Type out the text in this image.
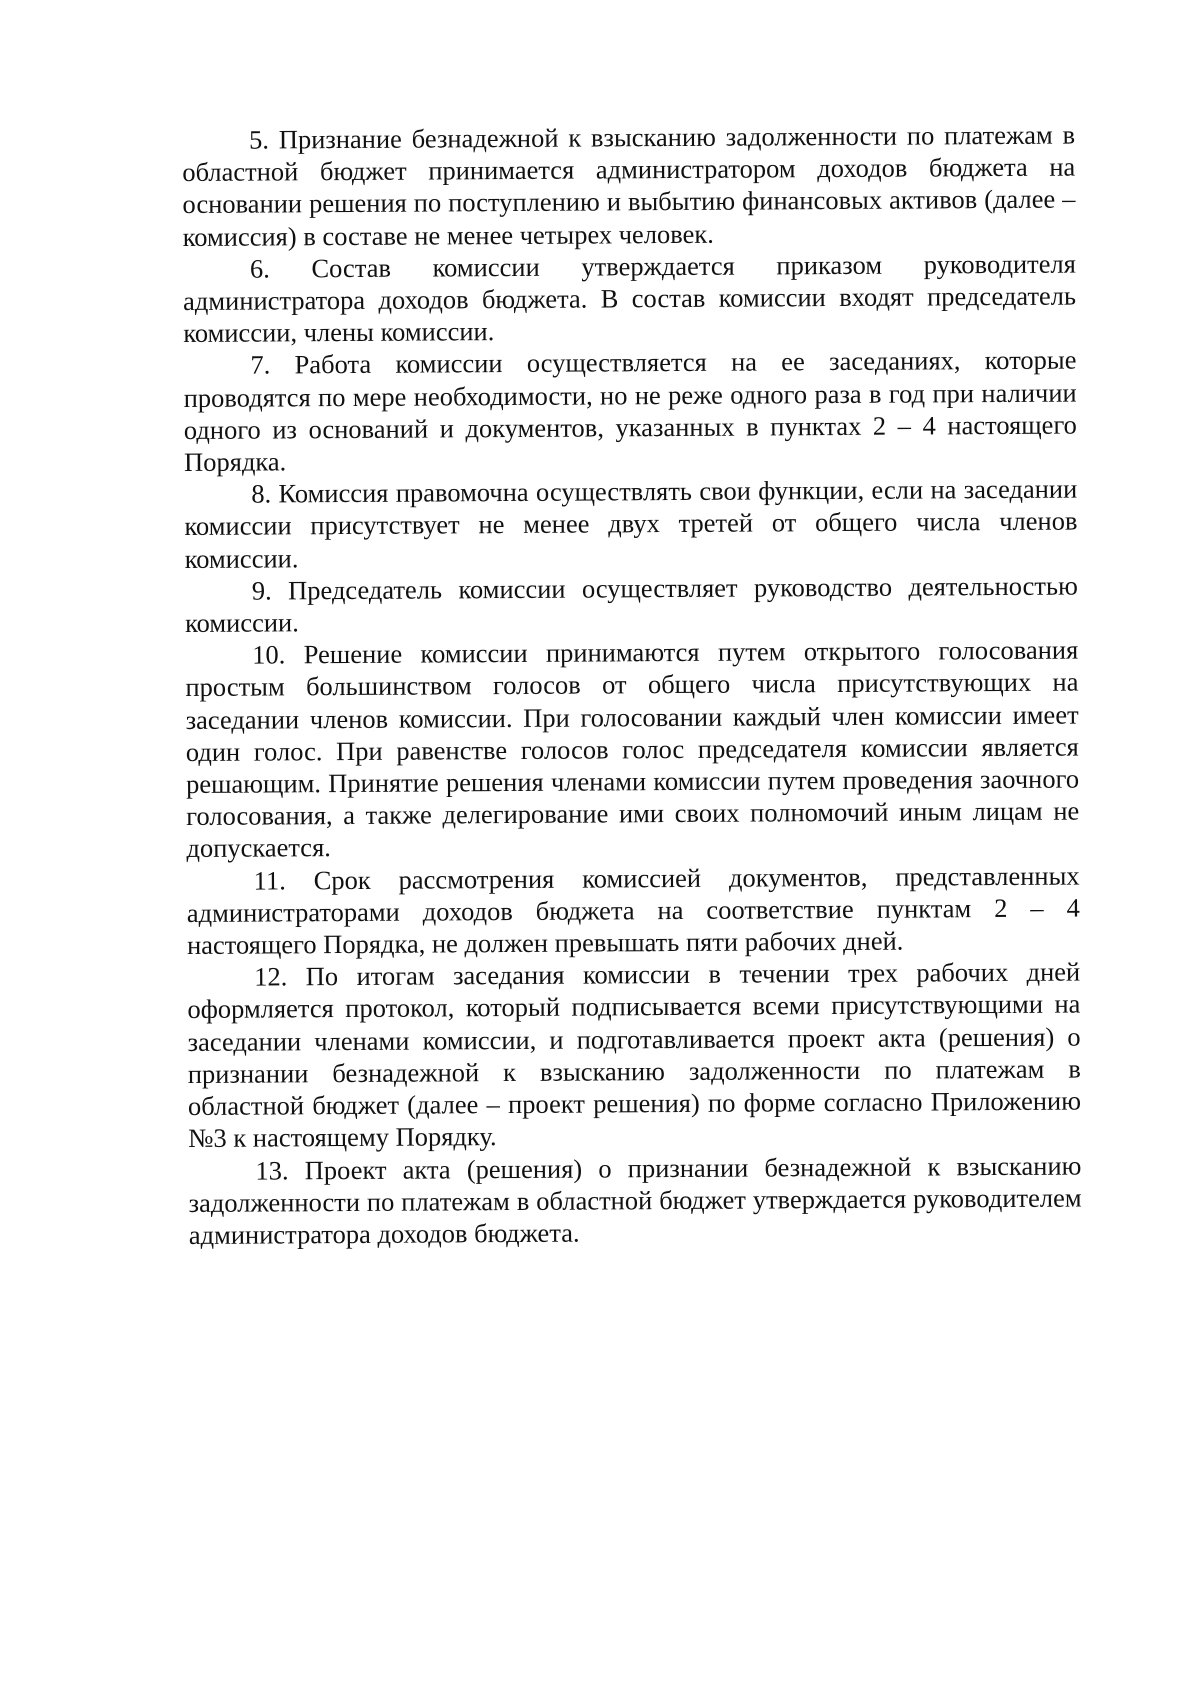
5. Признание безнадежной к взысканию задолженности по платежам в областной бюджет принимается администратором доходов бюджета на основании решения по поступлению и выбытию финансовых активов (далее – комиссия) в составе не менее четырех человек.

6. Состав комиссии утверждается приказом руководителя администратора доходов бюджета. В состав комиссии входят председатель комиссии, члены комиссии.

7. Работа комиссии осуществляется на ее заседаниях, которые проводятся по мере необходимости, но не реже одного раза в год при наличии одного из оснований и документов, указанных в пунктах 2 – 4 настоящего Порядка.

8. Комиссия правомочна осуществлять свои функции, если на заседании комиссии присутствует не менее двух третей от общего числа членов комиссии.

9. Председатель комиссии осуществляет руководство деятельностью комиссии.

10. Решение комиссии принимаются путем открытого голосования простым большинством голосов от общего числа присутствующих на заседании членов комиссии. При голосовании каждый член комиссии имеет один голос. При равенстве голосов голос председателя комиссии является решающим. Принятие решения членами комиссии путем проведения заочного голосования, а также делегирование ими своих полномочий иным лицам не допускается.

11. Срок рассмотрения комиссией документов, представленных администраторами доходов бюджета на соответствие пунктам 2 – 4 настоящего Порядка, не должен превышать пяти рабочих дней.

12. По итогам заседания комиссии в течении трех рабочих дней оформляется протокол, который подписывается всеми присутствующими на заседании членами комиссии, и подготавливается проект акта (решения) о признании безнадежной к взысканию задолженности по платежам в областной бюджет (далее – проект решения) по форме согласно Приложению №3 к настоящему Порядку.

13. Проект акта (решения) о признании безнадежной к взысканию задолженности по платежам в областной бюджет утверждается руководителем администратора доходов бюджета.
